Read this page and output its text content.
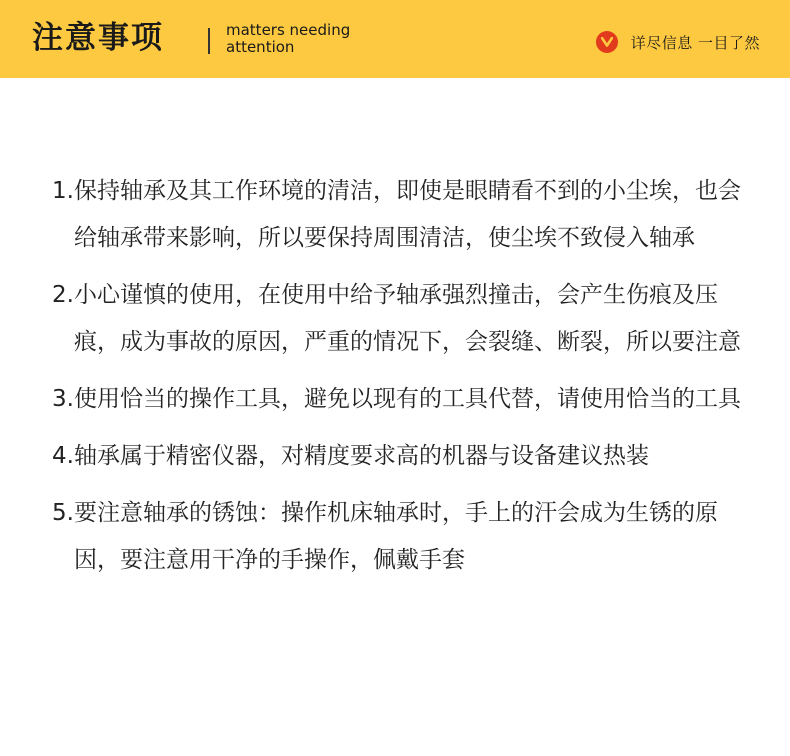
注意事项	matters needing
attention	详尽信息 一目了然
1. 保持轴承及其工作环境的清洁，即使是眼睛看不到的小尘埃，也会给轴承带来影响，所以要保持周围清洁，使尘埃不致侵入轴承
2. 小心谨慎的使用，在使用中给予轴承强烈撞击，会产生伤痕及压痕，成为事故的原因，严重的情况下，会裂缝、断裂，所以要注意
3. 使用恰当的操作工具，避免以现有的工具代替，请使用恰当的工具
4. 轴承属于精密仪器，对精度要求高的机器与设备建议热装
5. 要注意轴承的锈蚀：操作机床轴承时，手上的汗会成为生锈的原因，要注意用干净的手操作，佩戴手套
